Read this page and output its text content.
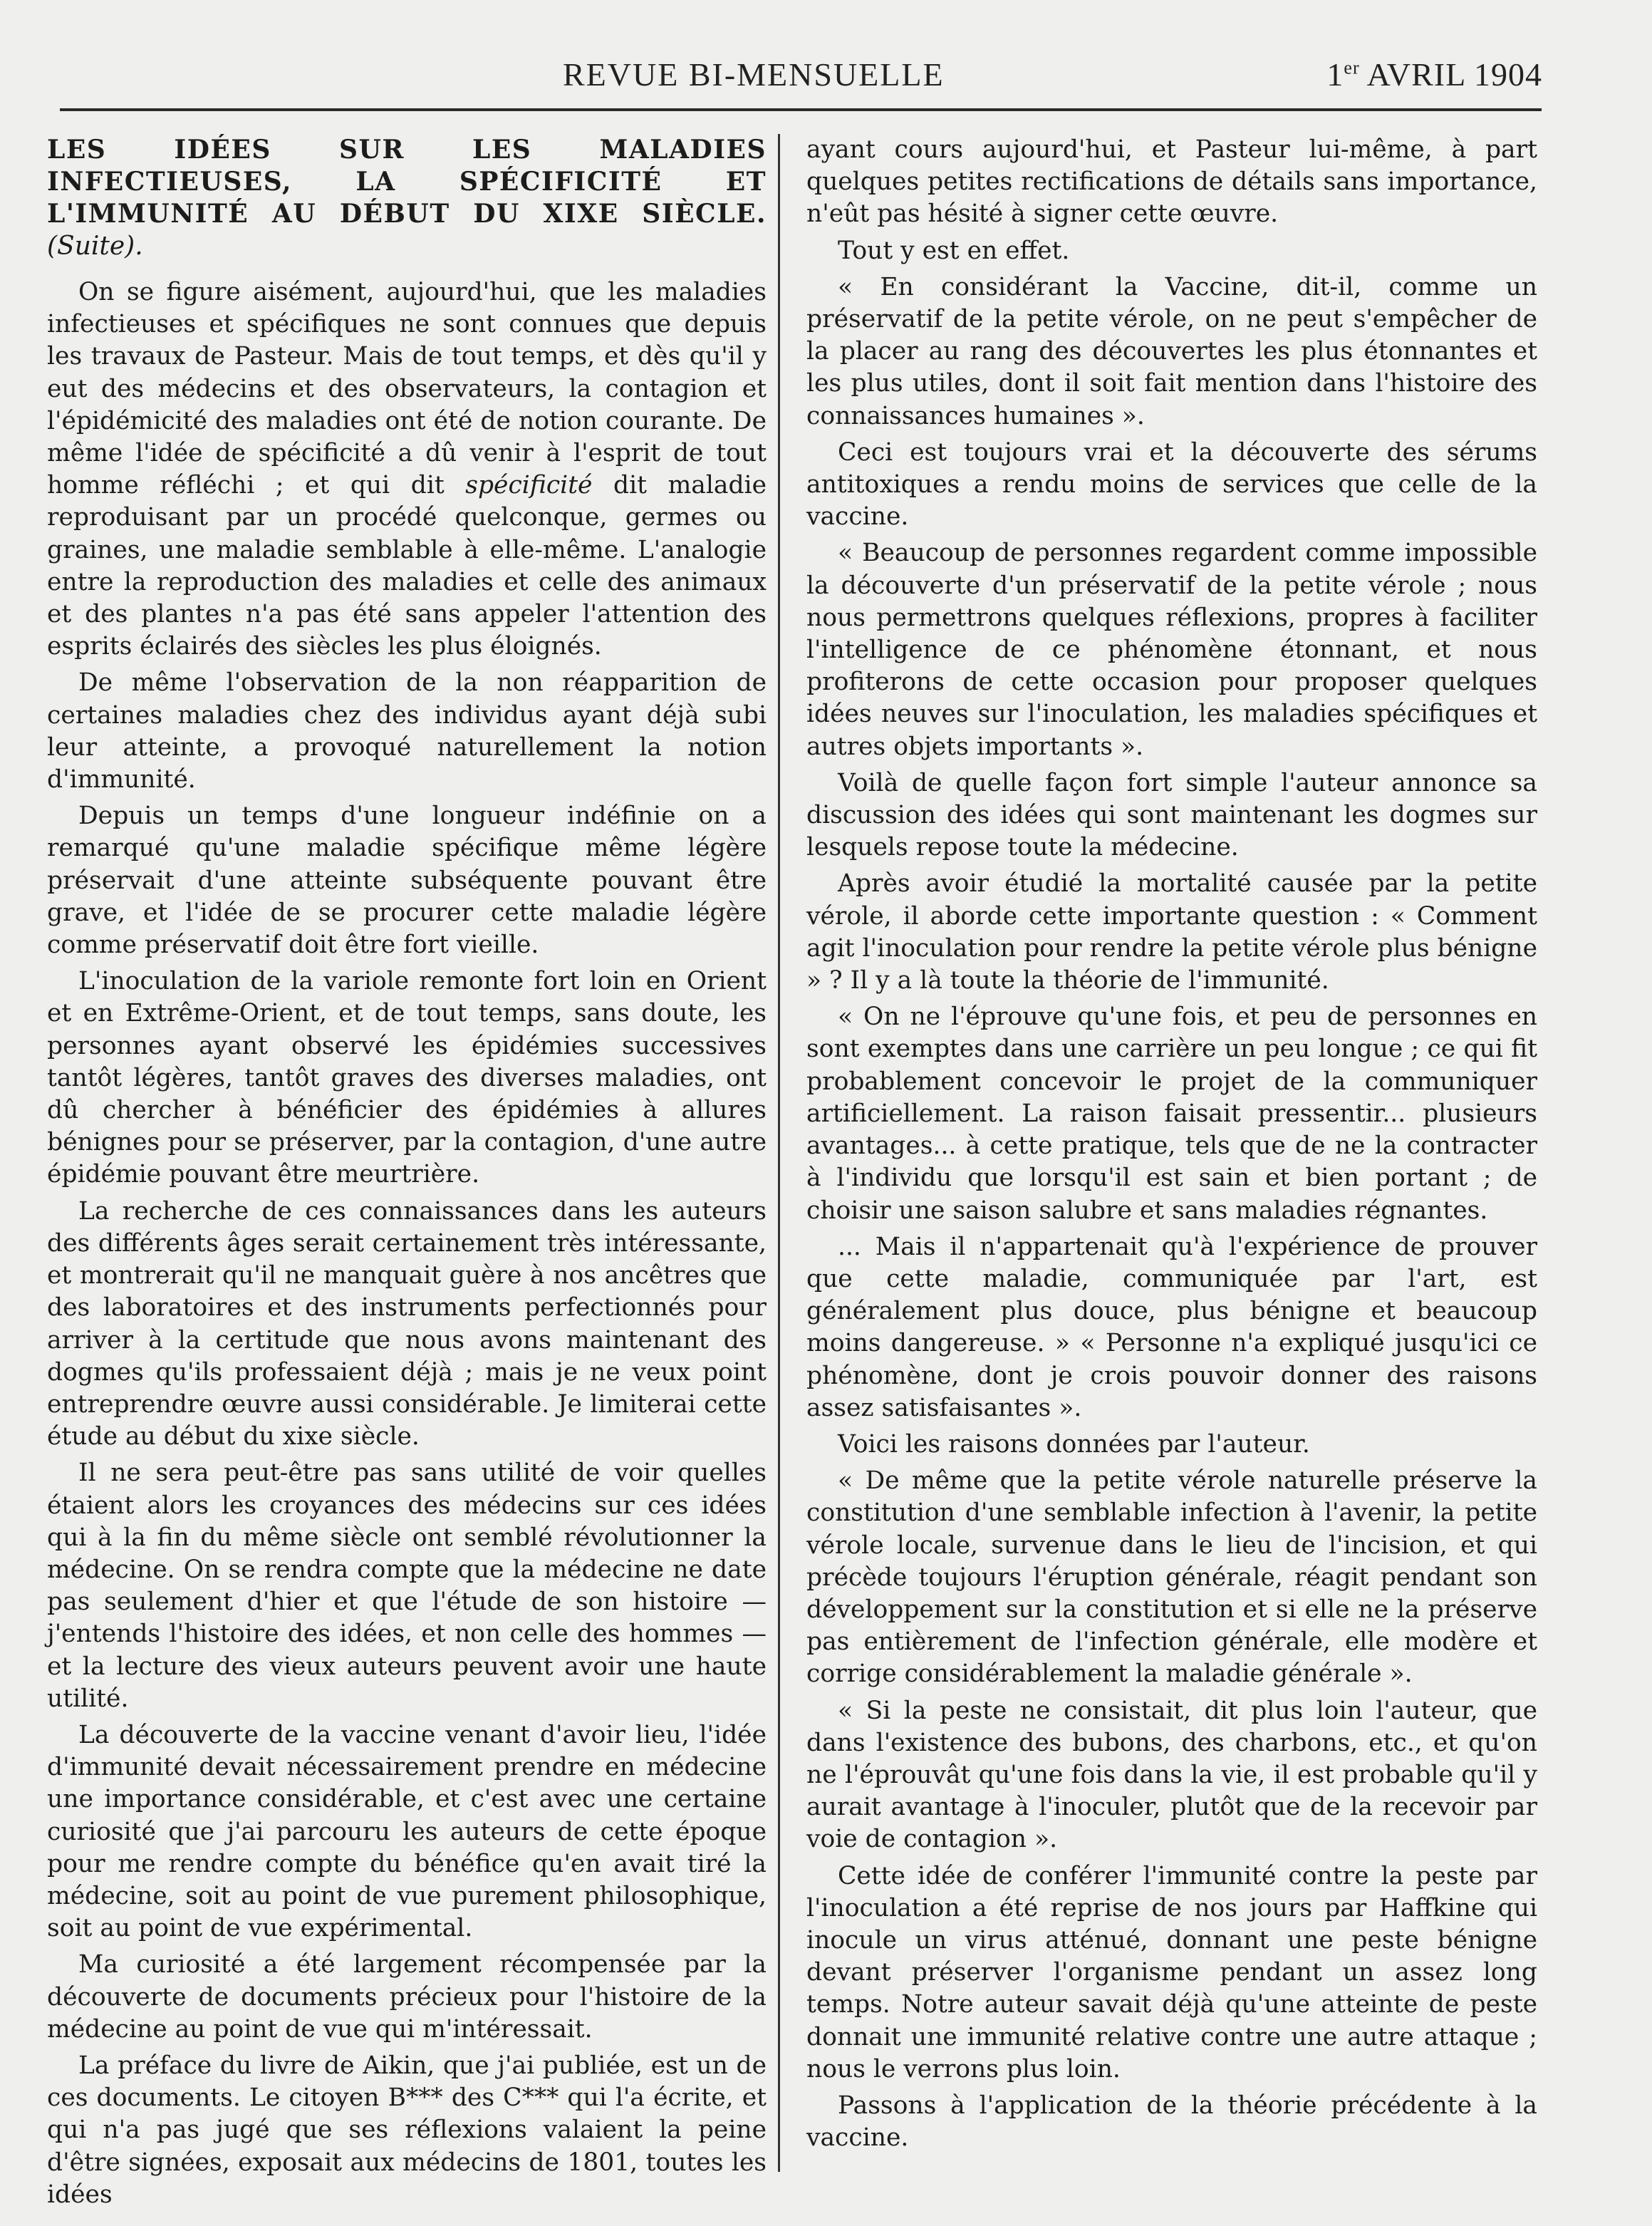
REVUE BI-MENSUELLE	1er AVRIL 1904
LES IDÉES SUR LES MALADIES INFECTIEUSES, LA SPÉCIFICITÉ ET L'IMMUNITÉ AU DÉBUT DU XIXE SIÈCLE. (Suite).

On se figure aisément, aujourd'hui, que les maladies infectieuses et spécifiques ne sont connues que depuis les travaux de Pasteur. Mais de tout temps, et dès qu'il y eut des médecins et des observateurs, la contagion et l'épidémicité des maladies ont été de notion courante. De même l'idée de spécificité a dû venir à l'esprit de tout homme réfléchi ; et qui dit spécificité dit maladie reproduisant par un procédé quelconque, germes ou graines, une maladie semblable à elle-même. L'analogie entre la reproduction des maladies et celle des animaux et des plantes n'a pas été sans appeler l'attention des esprits éclairés des siècles les plus éloignés.

De même l'observation de la non réapparition de certaines maladies chez des individus ayant déjà subi leur atteinte, a provoqué naturellement la notion d'immunité.

Depuis un temps d'une longueur indéfinie on a remarqué qu'une maladie spécifique même légère préservait d'une atteinte subséquente pouvant être grave, et l'idée de se procurer cette maladie légère comme préservatif doit être fort vieille.

L'inoculation de la variole remonte fort loin en Orient et en Extrême-Orient, et de tout temps, sans doute, les personnes ayant observé les épidémies successives tantôt légères, tantôt graves des diverses maladies, ont dû chercher à bénéficier des épidémies à allures bénignes pour se préserver, par la contagion, d'une autre épidémie pouvant être meurtrière.

La recherche de ces connaissances dans les auteurs des différents âges serait certainement très intéressante, et montrerait qu'il ne manquait guère à nos ancêtres que des laboratoires et des instruments perfectionnés pour arriver à la certitude que nous avons maintenant des dogmes qu'ils professaient déjà ; mais je ne veux point entreprendre œuvre aussi considérable. Je limiterai cette étude au début du xixe siècle.

Il ne sera peut-être pas sans utilité de voir quelles étaient alors les croyances des médecins sur ces idées qui à la fin du même siècle ont semblé révolutionner la médecine. On se rendra compte que la médecine ne date pas seulement d'hier et que l'étude de son histoire — j'entends l'histoire des idées, et non celle des hommes — et la lecture des vieux auteurs peuvent avoir une haute utilité.

La découverte de la vaccine venant d'avoir lieu, l'idée d'immunité devait nécessairement prendre en médecine une importance considérable, et c'est avec une certaine curiosité que j'ai parcouru les auteurs de cette époque pour me rendre compte du bénéfice qu'en avait tiré la médecine, soit au point de vue purement philosophique, soit au point de vue expérimental.

Ma curiosité a été largement récompensée par la découverte de documents précieux pour l'histoire de la médecine au point de vue qui m'intéressait.

La préface du livre de Aikin, que j'ai publiée, est un de ces documents. Le citoyen B*** des C*** qui l'a écrite, et qui n'a pas jugé que ses réflexions valaient la peine d'être signées, exposait aux médecins de 1801, toutes les idées

ayant cours aujourd'hui, et Pasteur lui-même, à part quelques petites rectifications de détails sans importance, n'eût pas hésité à signer cette œuvre.

Tout y est en effet.

« En considérant la Vaccine, dit-il, comme un préservatif de la petite vérole, on ne peut s'empêcher de la placer au rang des découvertes les plus étonnantes et les plus utiles, dont il soit fait mention dans l'histoire des connaissances humaines ».

Ceci est toujours vrai et la découverte des sérums antitoxiques a rendu moins de services que celle de la vaccine.

« Beaucoup de personnes regardent comme impossible la découverte d'un préservatif de la petite vérole ; nous nous permettrons quelques réflexions, propres à faciliter l'intelligence de ce phénomène étonnant, et nous profiterons de cette occasion pour proposer quelques idées neuves sur l'inoculation, les maladies spécifiques et autres objets importants ».

Voilà de quelle façon fort simple l'auteur annonce sa discussion des idées qui sont maintenant les dogmes sur lesquels repose toute la médecine.

Après avoir étudié la mortalité causée par la petite vérole, il aborde cette importante question : « Comment agit l'inoculation pour rendre la petite vérole plus bénigne » ? Il y a là toute la théorie de l'immunité.

« On ne l'éprouve qu'une fois, et peu de personnes en sont exemptes dans une carrière un peu longue ; ce qui fit probablement concevoir le projet de la communiquer artificiellement. La raison faisait pressentir... plusieurs avantages... à cette pratique, tels que de ne la contracter à l'individu que lorsqu'il est sain et bien portant ; de choisir une saison salubre et sans maladies régnantes.

... Mais il n'appartenait qu'à l'expérience de prouver que cette maladie, communiquée par l'art, est généralement plus douce, plus bénigne et beaucoup moins dangereuse. » « Personne n'a expliqué jusqu'ici ce phénomène, dont je crois pouvoir donner des raisons assez satisfaisantes ».

Voici les raisons données par l'auteur.

« De même que la petite vérole naturelle préserve la constitution d'une semblable infection à l'avenir, la petite vérole locale, survenue dans le lieu de l'incision, et qui précède toujours l'éruption générale, réagit pendant son développement sur la constitution et si elle ne la préserve pas entièrement de l'infection générale, elle modère et corrige considérablement la maladie générale ».

« Si la peste ne consistait, dit plus loin l'auteur, que dans l'existence des bubons, des charbons, etc., et qu'on ne l'éprouvât qu'une fois dans la vie, il est probable qu'il y aurait avantage à l'inoculer, plutôt que de la recevoir par voie de contagion ».

Cette idée de conférer l'immunité contre la peste par l'inoculation a été reprise de nos jours par Haffkine qui inocule un virus atténué, donnant une peste bénigne devant préserver l'organisme pendant un assez long temps. Notre auteur savait déjà qu'une atteinte de peste donnait une immunité relative contre une autre attaque ; nous le verrons plus loin.

Passons à l'application de la théorie précédente à la vaccine.
